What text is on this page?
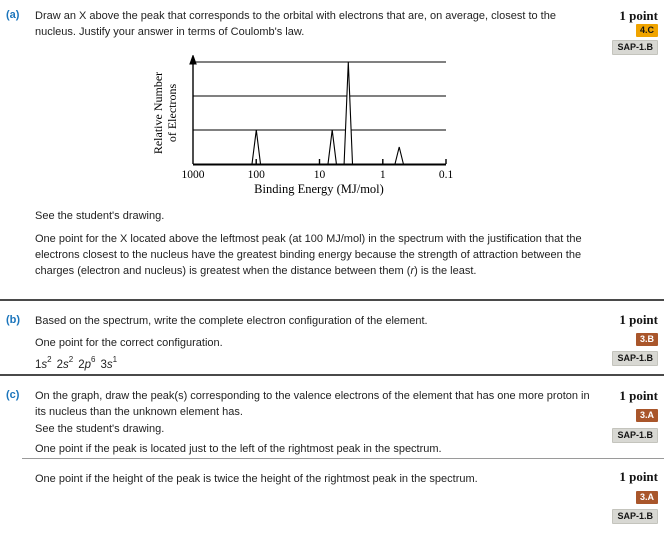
(a) Draw an X above the peak that corresponds to the orbital with electrons that are, on average, closest to the nucleus. Justify your answer in terms of Coulomb's law.
1 point
4.C
SAP-1.B
Relative Number of Electrons
1000	100	10	1	0.1
Binding Energy (MJ/mol)
See the student's drawing.
One point for the X located above the leftmost peak (at 100 MJ/mol) in the spectrum with the justification that the electrons closest to the nucleus have the greatest binding energy because the strength of attraction between the charges (electron and nucleus) is greatest when the distance between them (r) is the least.
(b) Based on the spectrum, write the complete electron configuration of the element.	1 point
3.B
SAP-1.B
One point for the correct configuration.
$1s^2$ $2s^2$ $2p^6$ $3s^1$
(c) On the graph, draw the peak(s) corresponding to the valence electrons of the element that has one more proton in its nucleus than the unknown element has.
1 point
3.A
SAP-1.B
See the student's drawing.
One point if the peak is located just to the left of the rightmost peak in the spectrum.
One point if the height of the peak is twice the height of the rightmost peak in the spectrum.	1 point
3.A
SAP-1.B
